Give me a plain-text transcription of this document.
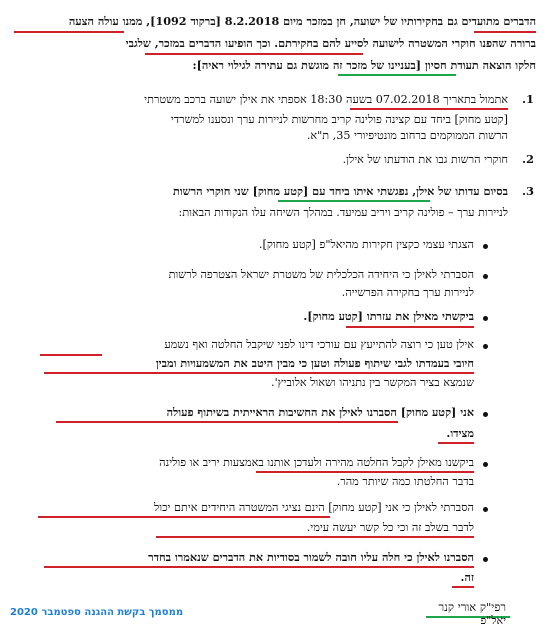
הדברים מתועדים גם בחקירותיו של ישועה, חן במזכר מיום 8.2.2018 [ברקוד 1092], ממנו עולה הצעה
ברורה שהפנו חוקרי המשטרה לישועה לסייע להם בחקירתם. וכך הופיעו הדברים במזכר, שלגבי
חלקו הוצאה תעודת חסיון [בעניינו של מזכר זה מוגשת גם עתירה לגילוי ראיה]:
1.
אתמול בתאריך 07.02.2018 בשעה 18:30 אספתי את אילן ישועה ברכב משטרתי
[קטע מחוק] ביחד עם קצינה פולינה קריב מחרשות לניירות ערך ונסענו למשרדי
הרשות הממוקמים ברחוב מונטיפיורי 35, ת"א.
2.
חוקרי הרשות גבו את הודעתו של אילן.
3.
בסיום עדותו של אילן, נפגשתי איתו ביחד עם [קטע מחוק] שני חוקרי הרשות
לניירות ערך – פולינה קריב ויריב עמיעד. במהלך השיחה עלו הנקודות הבאות:
הצגתי עצמי כקצין חקירות מהיאל"פ [קטע מחוק].
הסברתי לאילן כי היחידה הכלכלית של משטרת ישראל הצטרפה לרשות
לניירות ערך בחקירה הפרשייה.
ביקשתי מאילן את עזרתו [קטע מחוק].
אילן טען כי רוצה להתייעץ עם עורכי דינו לפני שיקבל החלטה ואף נשמע
חיובי בעמדתו לגבי שיתוף פעולה וטען כי מבין היטב את המשמעויות ומבין
שנמצא בציר המקשר בין נתניהו ושאול אלוביץ'.
אני [קטע מחוק] הסברנו לאילן את החשיבות הראייתית בשיתוף פעולה
מצידו.
ביקשנו מאילן לקבל החלטה מהירה ולעדכן אותנו באמצעות יריב או פולינה
בדבר החלטתו כמה שיותר מהר.
הסברתי לאילן כי אני [קטע מחוק] הינם נציגי המשטרה היחידים איתם יכול
לדבר בשלב זה וכי כל קשר יעשה עימי.
הסברנו לאילן כי חלה עליו חובה לשמור בסודיות את הדברים שנאמרו בחדר
זה.
רפי"ק אורי קנר
יאל"פ
ממסמך בקשת ההגנה ספטמבר 2020
